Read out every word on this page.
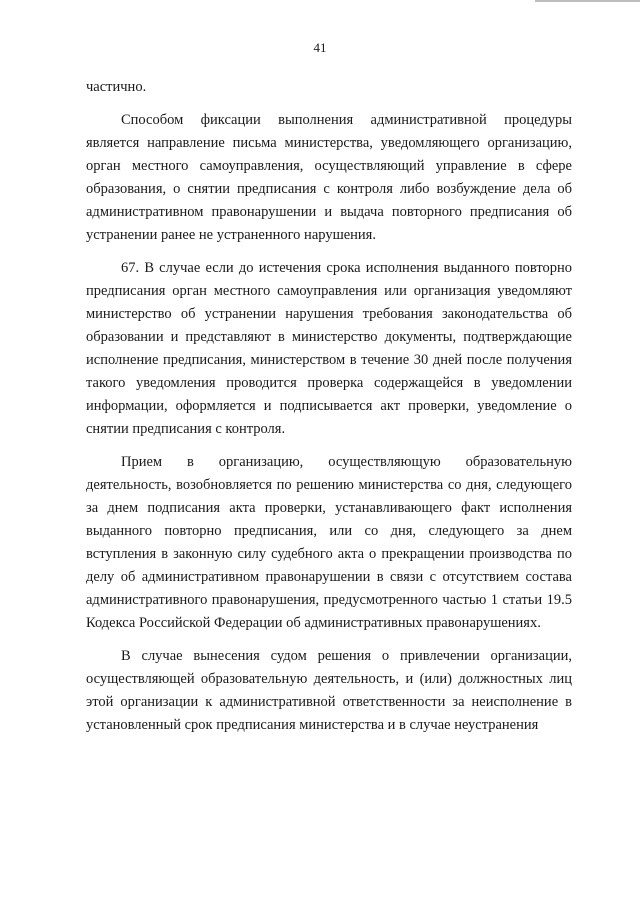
41

частично.

Способом фиксации выполнения административной процедуры является направление письма министерства, уведомляющего организацию, орган местного самоуправления, осуществляющий управление в сфере образования, о снятии предписания с контроля либо возбуждение дела об административном правонарушении и выдача повторного предписания об устранении ранее не устраненного нарушения.

67. В случае если до истечения срока исполнения выданного повторно предписания орган местного самоуправления или организация уведомляют министерство об устранении нарушения требования законодательства об образовании и представляют в министерство документы, подтверждающие исполнение предписания, министерством в течение 30 дней после получения такого уведомления проводится проверка содержащейся в уведомлении информации, оформляется и подписывается акт проверки, уведомление о снятии предписания с контроля.

Прием в организацию, осуществляющую образовательную деятельность, возобновляется по решению министерства со дня, следующего за днем подписания акта проверки, устанавливающего факт исполнения выданного повторно предписания, или со дня, следующего за днем вступления в законную силу судебного акта о прекращении производства по делу об административном правонарушении в связи с отсутствием состава административного правонарушения, предусмотренного частью 1 статьи 19.5 Кодекса Российской Федерации об административных правонарушениях.

В случае вынесения судом решения о привлечении организации, осуществляющей образовательную деятельность, и (или) должностных лиц этой организации к административной ответственности за неисполнение в установленный срок предписания министерства и в случае неустранения
